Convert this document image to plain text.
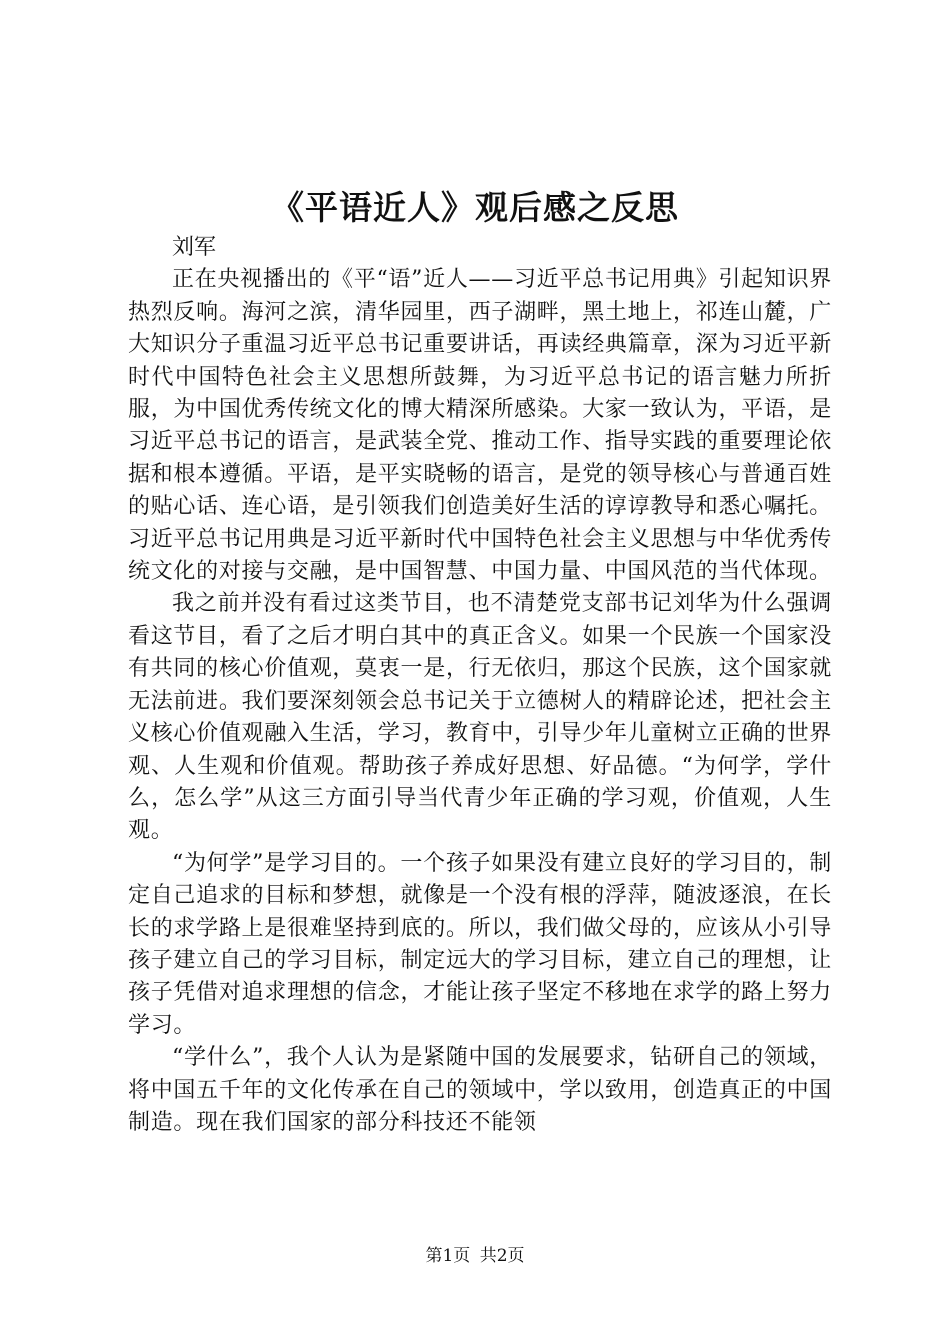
《平语近人》观后感之反思

刘军

正在央视播出的《平“语”近人——习近平总书记用典》引起知识界热烈反响。海河之滨，清华园里，西子湖畔，黑土地上，祁连山麓，广大知识分子重温习近平总书记重要讲话，再读经典篇章，深为习近平新时代中国特色社会主义思想所鼓舞，为习近平总书记的语言魅力所折服，为中国优秀传统文化的博大精深所感染。大家一致认为，平语，是习近平总书记的语言，是武装全党、推动工作、指导实践的重要理论依据和根本遵循。平语，是平实晓畅的语言，是党的领导核心与普通百姓的贴心话、连心语，是引领我们创造美好生活的谆谆教导和悉心嘱托。习近平总书记用典是习近平新时代中国特色社会主义思想与中华优秀传统文化的对接与交融，是中国智慧、中国力量、中国风范的当代体现。

我之前并没有看过这类节目，也不清楚党支部书记刘华为什么强调看这节目，看了之后才明白其中的真正含义。如果一个民族一个国家没有共同的核心价值观，莫衷一是，行无依归，那这个民族，这个国家就无法前进。我们要深刻领会总书记关于立德树人的精辟论述，把社会主义核心价值观融入生活，学习，教育中，引导少年儿童树立正确的世界观、人生观和价值观。帮助孩子养成好思想、好品德。“为何学，学什么，怎么学”从这三方面引导当代青少年正确的学习观，价值观，人生观。

“为何学”是学习目的。一个孩子如果没有建立良好的学习目的，制定自己追求的目标和梦想，就像是一个没有根的浮萍，随波逐浪，在长长的求学路上是很难坚持到底的。所以，我们做父母的，应该从小引导孩子建立自己的学习目标，制定远大的学习目标，建立自己的理想，让孩子凭借对追求理想的信念，才能让孩子坚定不移地在求学的路上努力学习。

“学什么”，我个人认为是紧随中国的发展要求，钻研自己的领域，将中国五千年的文化传承在自己的领域中，学以致用，创造真正的中国制造。现在我们国家的部分科技还不能领

第1页 共2页
